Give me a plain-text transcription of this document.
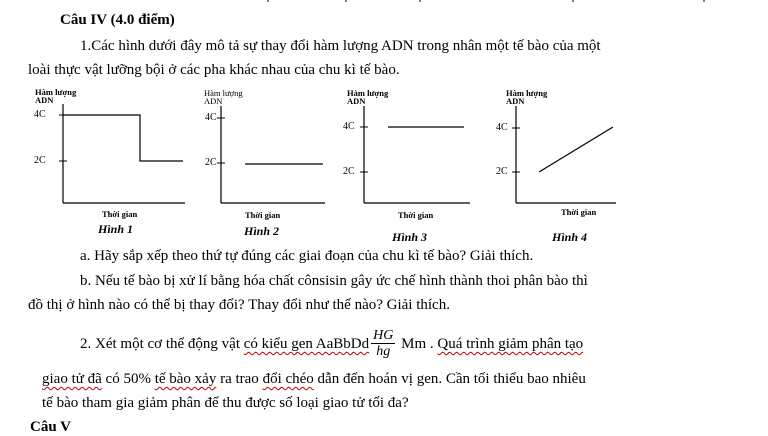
Câu IV (4.0 điểm)
1.Các hình dưới đây mô tả sự thay đổi hàm lượng ADN trong nhân một tế bào của một
loài thực vật lưỡng bội ở các pha khác nhau của chu kì tế bào.
Hàm lượng
ADN
4C
2C
Thời gian
Hình 1
Hàm lượng
ADN
4C
2C
Thời gian
Hình 2
Hàm lượng
ADN
4C
2C
Thời gian
Hình 3
Hàm lượng
ADN
4C
2C
Thời gian
Hình 4
a. Hãy sắp xếp theo thứ tự đúng các giai đoạn của chu kì tế bào? Giải thích.
b. Nếu tế bào bị xử lí bằng hóa chất cônsisin gây ức chế hình thành thoi phân bào thì
đồ thị ở hình nào có thể bị thay đổi? Thay đổi như thế nào? Giải thích.
2. Xét một cơ thể động vật có kiểu gen AaBbDd $\frac{HG}{hg}$ Mm . Quá trình giảm phân tạo
giao tử đã có 50% tế bào xảy ra trao đổi chéo dẫn đến hoán vị gen. Cần tối thiểu bao nhiêu
tế bào tham gia giảm phân để thu được số loại giao tử tối đa?
Câu V
